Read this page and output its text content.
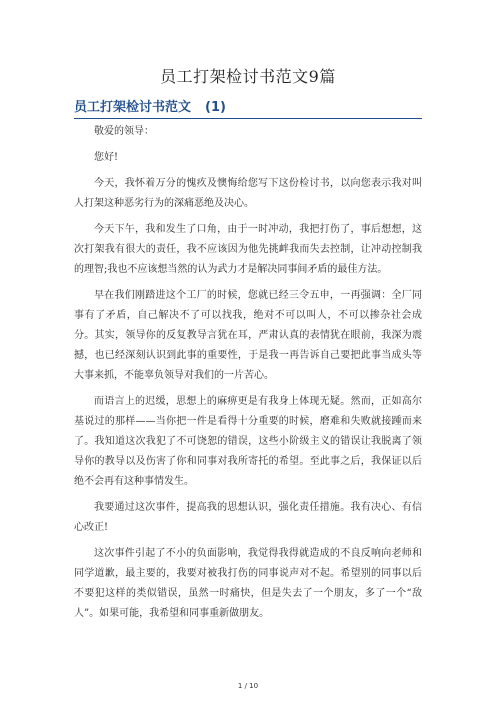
员工打架检讨书范文9篇
员工打架检讨书范文 (1)

敬爱的领导：

您好!

今天，我怀着万分的愧疚及懊悔给您写下这份检讨书，以向您表示我对叫人打架这种恶劣行为的深痛恶绝及决心。

今天下午，我和发生了口角，由于一时冲动，我把打伤了，事后想想，这次打架我有很大的责任，我不应该因为他先挑衅我而失去控制，让冲动控制我的理智;我也不应该想当然的认为武力才是解决同事间矛盾的最佳方法。

早在我们刚踏进这个工厂的时候，您就已经三令五申，一再强调：全厂同事有了矛盾，自己解决不了可以找我，绝对不可以叫人，不可以掺杂社会成分。其实，领导你的反复教导言犹在耳，严肃认真的表情犹在眼前，我深为震撼，也已经深刻认识到此事的重要性，于是我一再告诉自己要把此事当成头等大事来抓，不能辜负领导对我们的一片苦心。

而语言上的迟缓，思想上的麻痹更是有我身上体现无疑。然而，正如高尔基说过的那样——当你把一件是看得十分重要的时候，磨难和失败就接踵而来了。我知道这次我犯了不可饶恕的错误，这些小阶级主义的错误让我脱离了领导你的教导以及伤害了你和同事对我所寄托的希望。至此事之后，我保证以后绝不会再有这种事情发生。

我要通过这次事件，提高我的思想认识，强化责任措施。我有决心、有信心改正!

这次事件引起了不小的负面影响，我觉得我得就造成的不良反响向老师和同学道歉，最主要的，我要对被我打伤的同事说声对不起。希望别的同事以后不要犯这样的类似错误，虽然一时痛快，但是失去了一个朋友，多了一个“敌人”。如果可能，我希望和同事重新做朋友。

1 / 10
